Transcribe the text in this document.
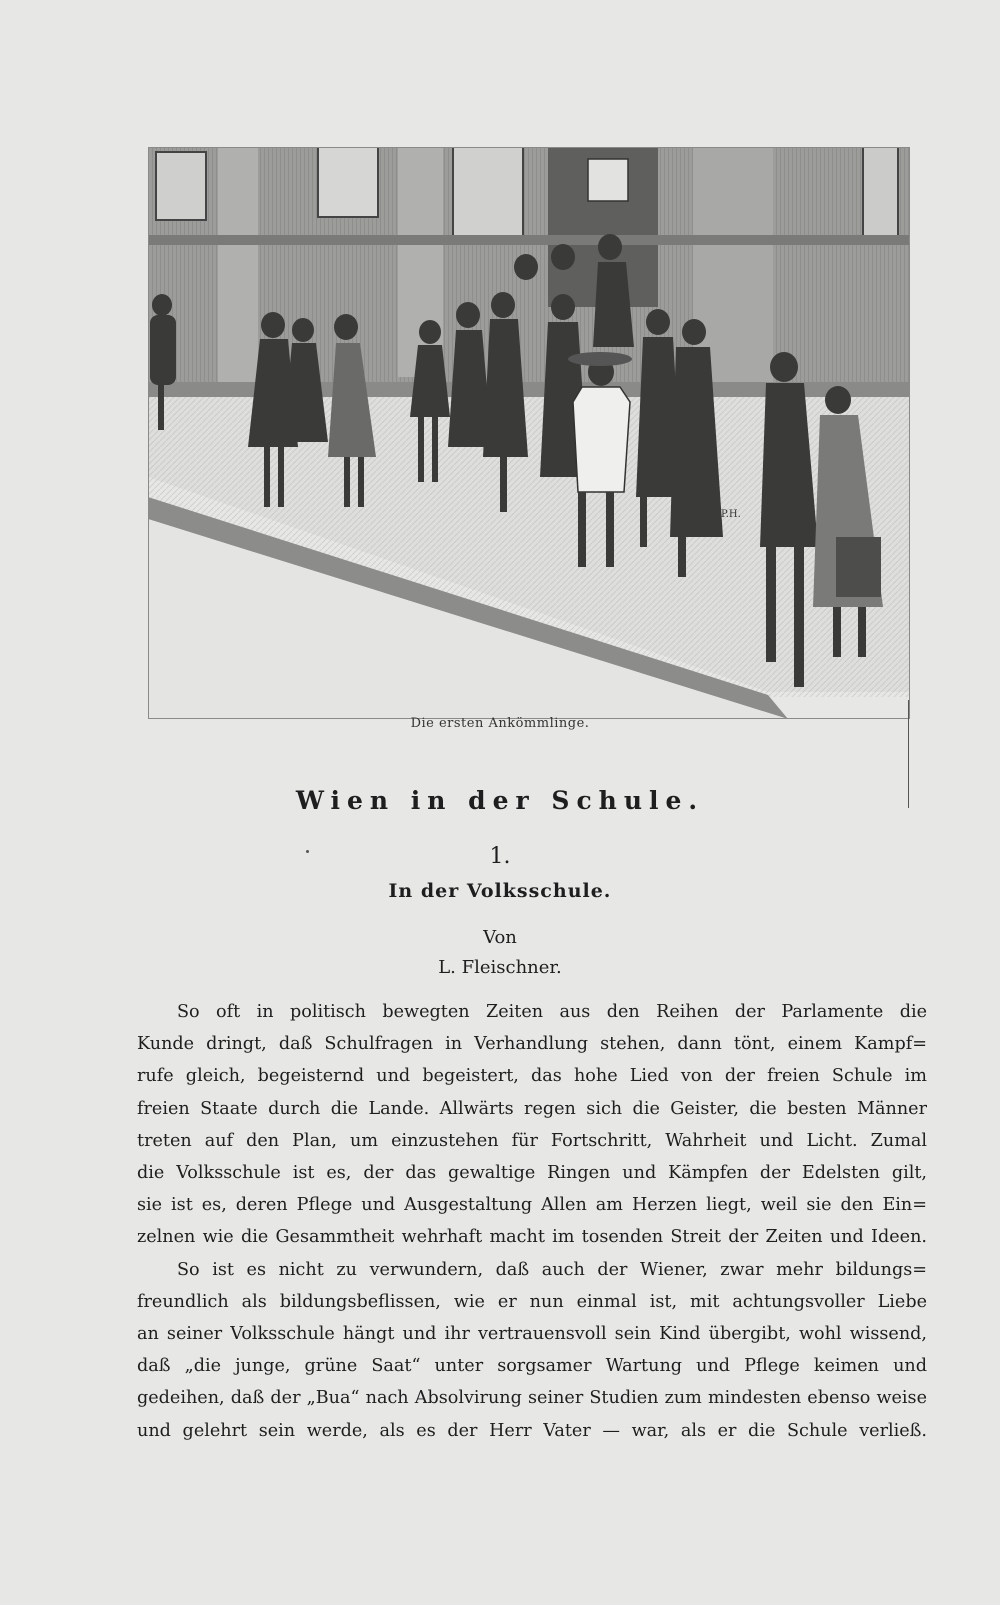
P.H.
Die ersten Ankömmlinge.
Wien in der Schule.
1.
In der Volksschule.
Von
L. Fleischner.
So oft in politisch bewegten Zeiten aus den Reihen der Parlamente die
Kunde dringt, daß Schulfragen in Verhandlung stehen, dann tönt, einem Kampf=
rufe gleich, begeisternd und begeistert, das hohe Lied von der freien Schule im
freien Staate durch die Lande. Allwärts regen sich die Geister, die besten Männer
treten auf den Plan, um einzustehen für Fortschritt, Wahrheit und Licht. Zumal
die Volksschule ist es, der das gewaltige Ringen und Kämpfen der Edelsten gilt,
sie ist es, deren Pflege und Ausgestaltung Allen am Herzen liegt, weil sie den Ein=
zelnen wie die Gesammtheit wehrhaft macht im tosenden Streit der Zeiten und Ideen.
So ist es nicht zu verwundern, daß auch der Wiener, zwar mehr bildungs=
freundlich als bildungsbeflissen, wie er nun einmal ist, mit achtungsvoller Liebe
an seiner Volksschule hängt und ihr vertrauensvoll sein Kind übergibt, wohl wissend,
daß „die junge, grüne Saat“ unter sorgsamer Wartung und Pflege keimen und
gedeihen, daß der „Bua“ nach Absolvirung seiner Studien zum mindesten ebenso weise
und gelehrt sein werde, als es der Herr Vater — war, als er die Schule verließ.
